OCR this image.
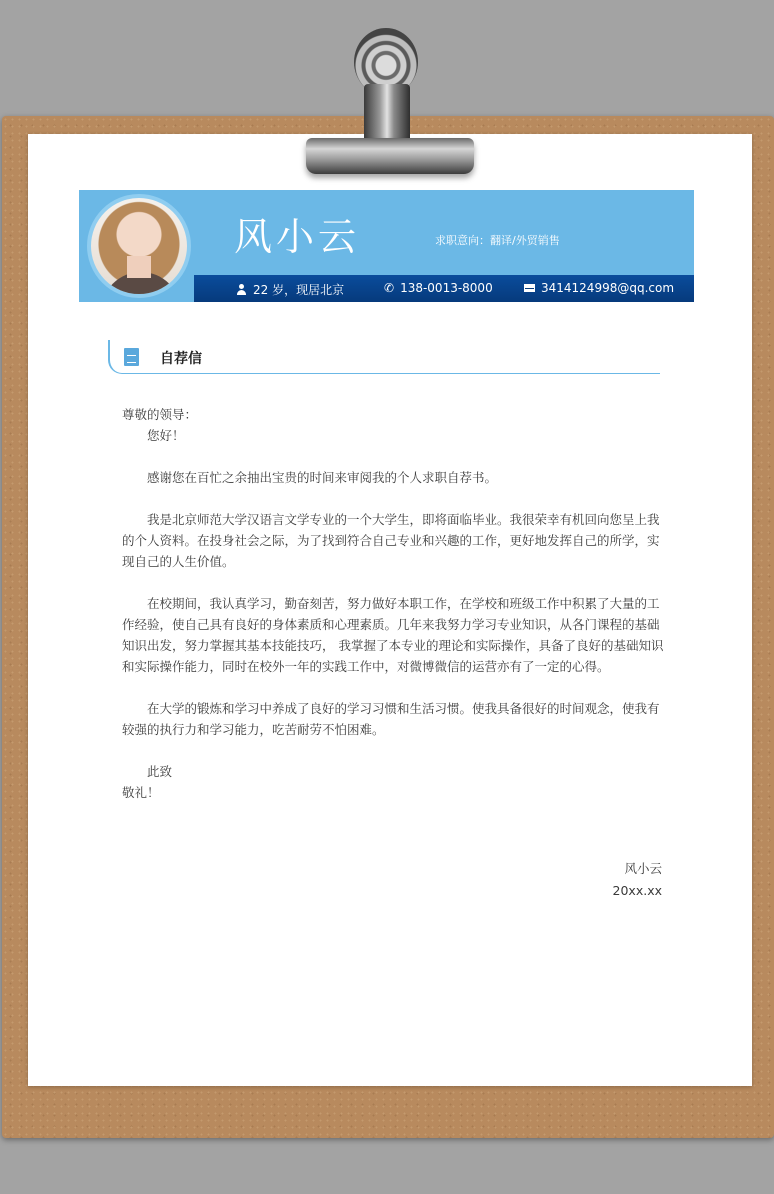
风小云	求职意向：翻译/外贸销售
22 岁，现居北京	✆ 138-0013-8000	3414124998@qq.com
自荐信

尊敬的领导：

您好！

感谢您在百忙之余抽出宝贵的时间来审阅我的个人求职自荐书。

我是北京师范大学汉语言文学专业的一个大学生，即将面临毕业。我很荣幸有机回向您呈上我的个人资料。在投身社会之际，为了找到符合自己专业和兴趣的工作，更好地发挥自己的所学，实现自己的人生价值。

在校期间，我认真学习，勤奋刻苦，努力做好本职工作，在学校和班级工作中积累了大量的工作经验，使自己具有良好的身体素质和心理素质。几年来我努力学习专业知识，从各门课程的基础知识出发，努力掌握其基本技能技巧， 我掌握了本专业的理论和实际操作，具备了良好的基础知识和实际操作能力，同时在校外一年的实践工作中，对微博微信的运营亦有了一定的心得。

在大学的锻炼和学习中养成了良好的学习习惯和生活习惯。使我具备很好的时间观念，使我有较强的执行力和学习能力，吃苦耐劳不怕困难。

此致

敬礼！

风小云
20xx.xx
